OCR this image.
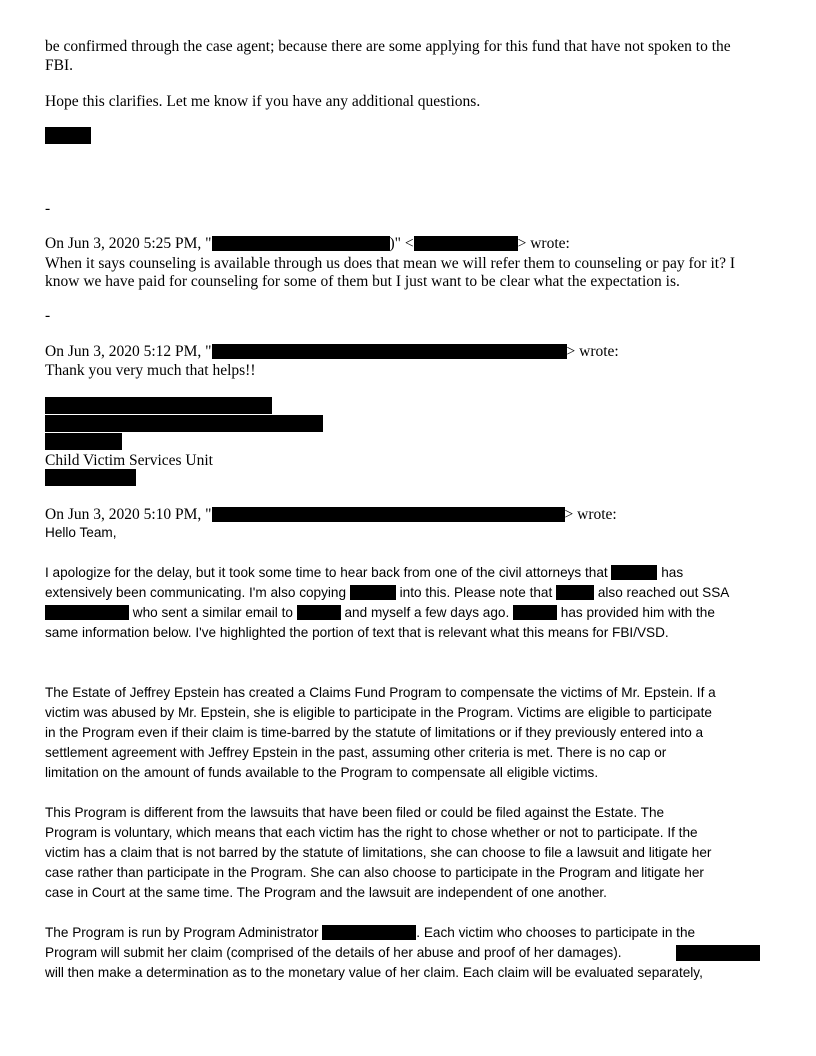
be confirmed through the case agent; because there are some applying for this fund that have not spoken to the
FBI.
Hope this clarifies. Let me know if you have any additional questions.
-
On Jun 3, 2020 5:25 PM, "	)" <	> wrote:
When it says counseling is available through us does that mean we will refer them to counseling or pay for it? I
know we have paid for counseling for some of them but I just want to be clear what the expectation is.
-
On Jun 3, 2020 5:12 PM, "	> wrote:
Thank you very much that helps!!
Child Victim Services Unit
On Jun 3, 2020 5:10 PM, "	> wrote:
Hello Team,
I apologize for the delay, but it took some time to hear back from one of the civil attorneys that	has
extensively been communicating. I'm also copying	into this. Please note that	also reached out SSA
who sent a similar email to	and myself a few days ago.	has provided him with the
same information below. I've highlighted the portion of text that is relevant what this means for FBI/VSD.
The Estate of Jeffrey Epstein has created a Claims Fund Program to compensate the victims of Mr. Epstein. If a
victim was abused by Mr. Epstein, she is eligible to participate in the Program. Victims are eligible to participate
in the Program even if their claim is time-barred by the statute of limitations or if they previously entered into a
settlement agreement with Jeffrey Epstein in the past, assuming other criteria is met. There is no cap or
limitation on the amount of funds available to the Program to compensate all eligible victims.
This Program is different from the lawsuits that have been filed or could be filed against the Estate. The
Program is voluntary, which means that each victim has the right to chose whether or not to participate. If the
victim has a claim that is not barred by the statute of limitations, she can choose to file a lawsuit and litigate her
case rather than participate in the Program. She can also choose to participate in the Program and litigate her
case in Court at the same time. The Program and the lawsuit are independent of one another.
The Program is run by Program Administrator	. Each victim who chooses to participate in the
Program will submit her claim (comprised of the details of her abuse and proof of her damages).
will then make a determination as to the monetary value of her claim. Each claim will be evaluated separately,
